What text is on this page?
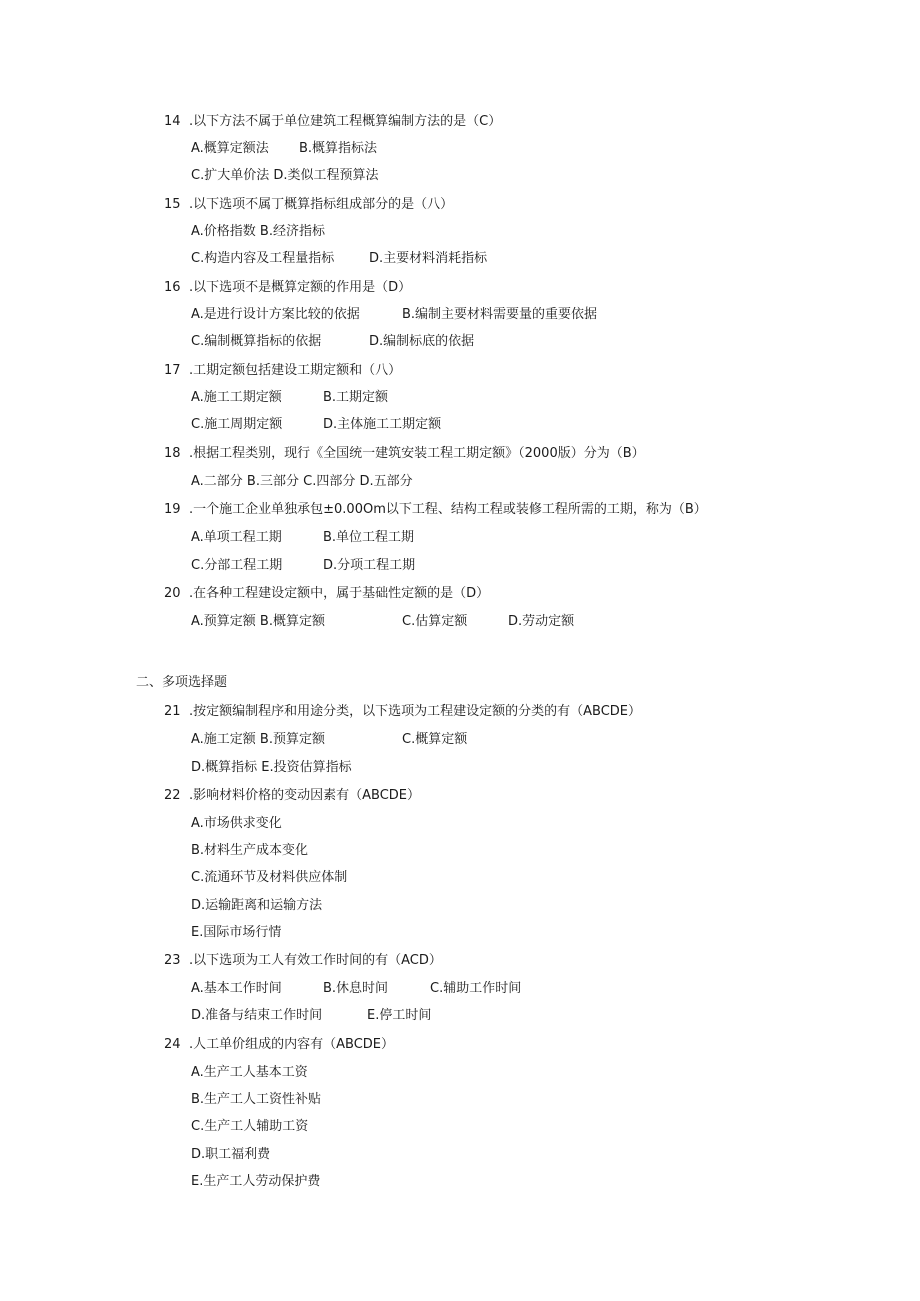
14 .以下方法不属于单位建筑工程概算编制方法的是（C）
A.概算定额法 B.概算指标法
C.扩大单价法 D.类似工程预算法
15 .以下选项不属丁概算指标组成部分的是（八）
A.价格指数 B.经济指标
C.构造内容及工程量指标	D.主要材料消耗指标
16 .以下选项不是概算定额的作用是（D）
A.是进行设计方案比较的依据	B.编制主要材料需要量的重要依据
C.编制概算指标的依据	D.编制标底的依据
17 .工期定额包括建设工期定额和（八）
A.施工工期定额	B.工期定额
C.施工周期定额	D.主体施工工期定额
18 .根据工程类别，现行《全国统一建筑安装工程工期定额》（2000版）分为（B）
A.二部分 B.三部分 C.四部分 D.五部分
19 .一个施工企业单独承包±0.00Om以下工程、结构工程或装修工程所需的工期，称为（B）
A.单项工程工期	B.单位工程工期
C.分部工程工期	D.分项工程工期
20 .在各种工程建设定额中，属于基础性定额的是（D）
A.预算定额 B.概算定额	C.估算定额	D.劳动定额
二、多项选择题
21 .按定额编制程序和用途分类，以下选项为工程建设定额的分类的有（ABCDE）
A.施工定额 B.预算定额	C.概算定额
D.概算指标 E.投资估算指标
22 .影响材料价格的变动因素有（ABCDE）
A.市场供求变化
B.材料生产成本变化
C.流通环节及材料供应体制
D.运输距离和运输方法
E.国际市场行情
23 .以下选项为工人有效工作时间的有（ACD）
A.基本工作时间	B.休息时间	C.辅助工作时间
D.准备与结束工作时间	E.停工时间
24 .人工单价组成的内容有（ABCDE）
A.生产工人基本工资
B.生产工人工资性补贴
C.生产工人辅助工资
D.职工福利费
E.生产工人劳动保护费
